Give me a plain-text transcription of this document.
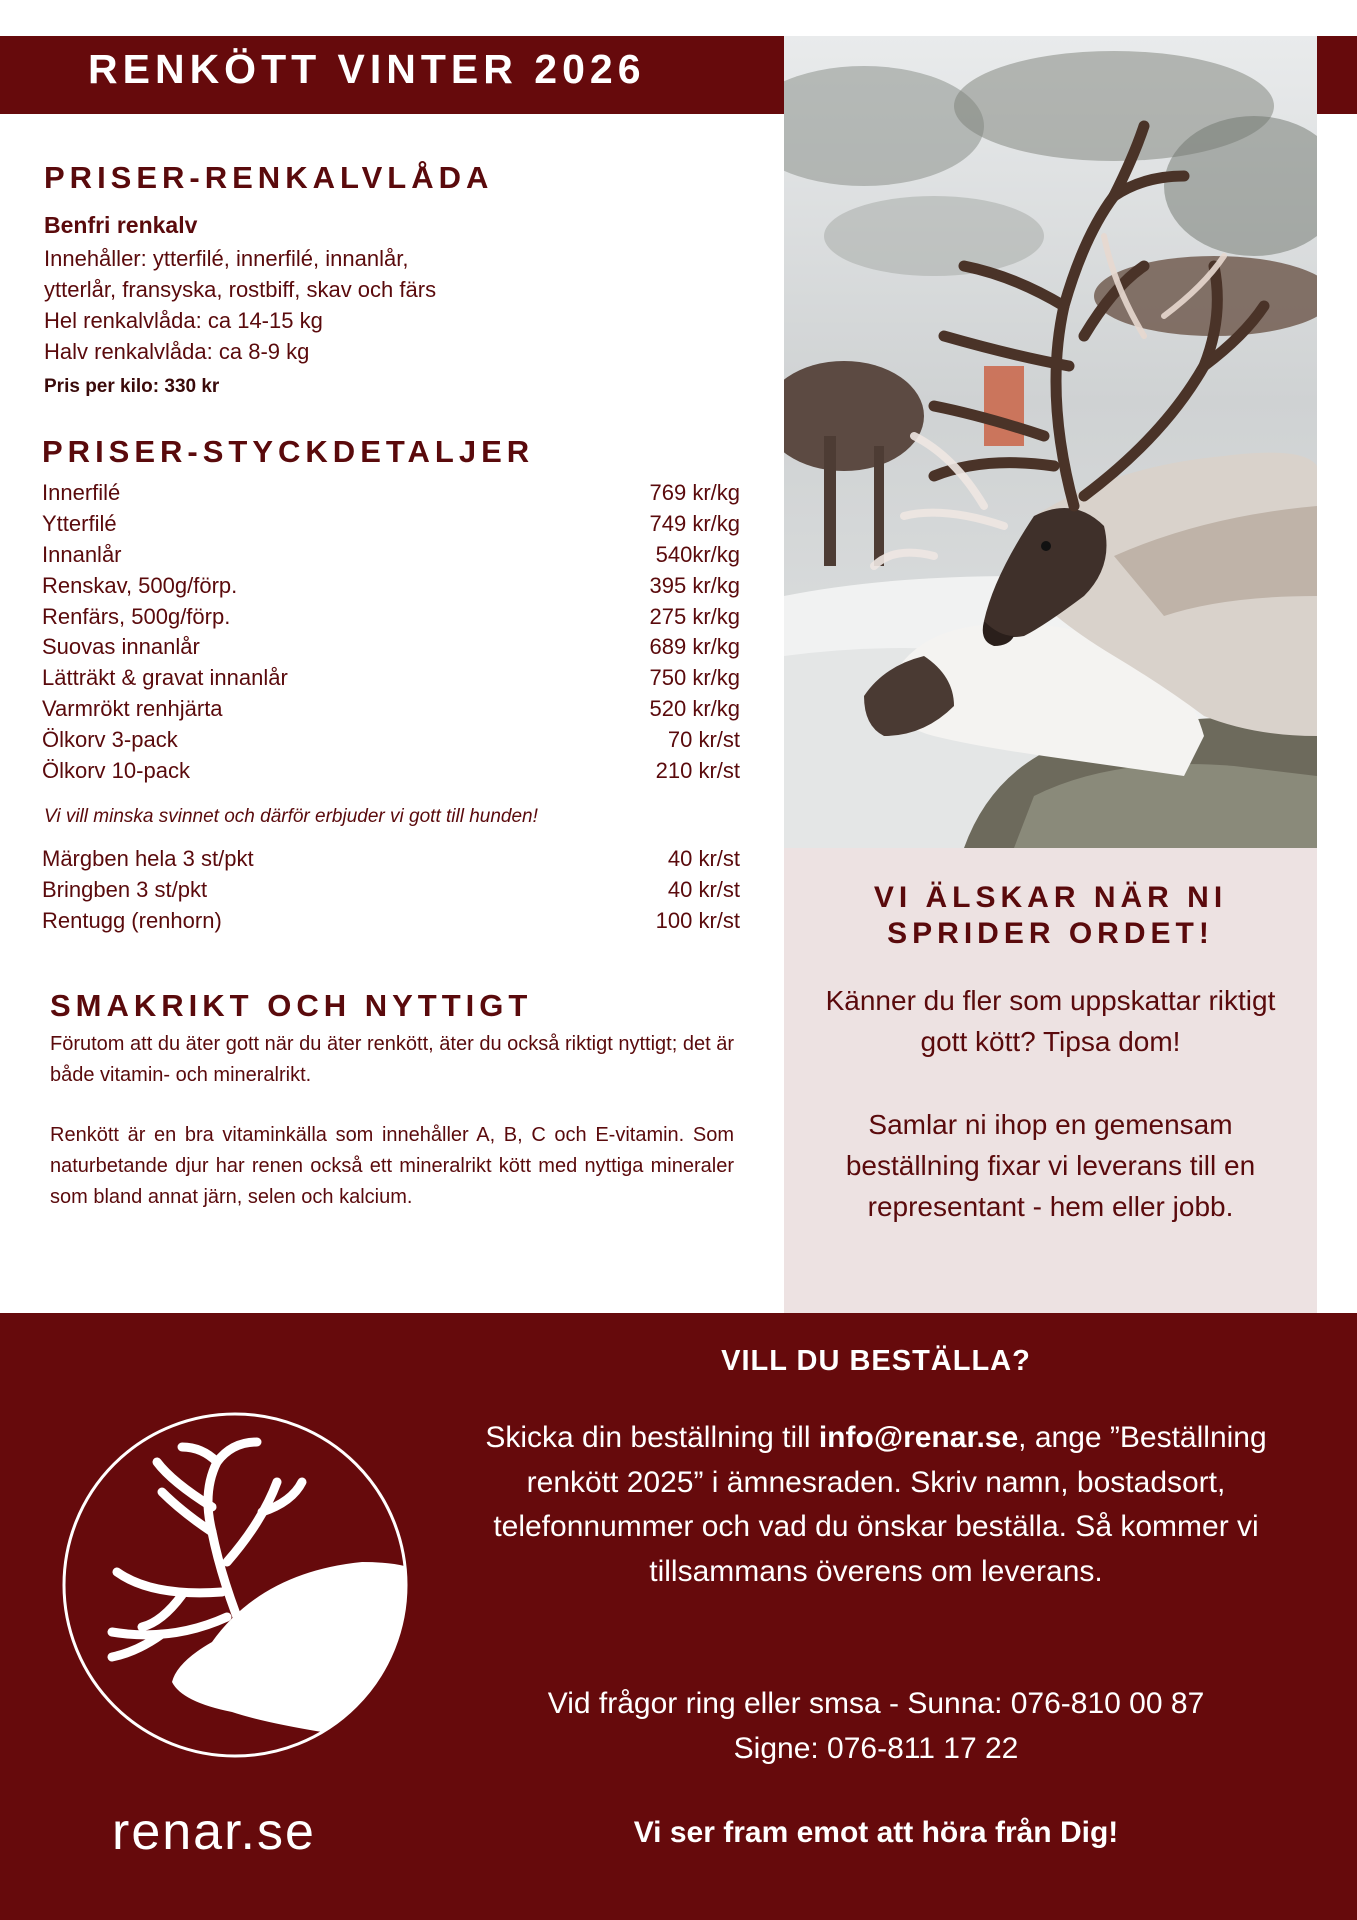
RENKÖTT VINTER 2026
PRISER-RENKALVLÅDA
Benfri renkalv
Innehåller: ytterfilé, innerfilé, innanlår,
ytterlår, fransyska, rostbiff, skav och färs
Hel renkalvlåda: ca 14-15 kg
Halv renkalvlåda: ca 8-9 kg
Pris per kilo: 330 kr
PRISER-STYCKDETALJER
Innerfilé	769 kr/kg
Ytterfilé	749 kr/kg
Innanlår	540kr/kg
Renskav, 500g/förp.	395 kr/kg
Renfärs, 500g/förp.	275 kr/kg
Suovas innanlår	689 kr/kg
Lätträkt & gravat innanlår	750 kr/kg
Varmrökt renhjärta	520 kr/kg
Ölkorv 3-pack	70 kr/st
Ölkorv 10-pack	210 kr/st
Vi vill minska svinnet och därför erbjuder vi gott till hunden!
Märgben hela 3 st/pkt	40 kr/st
Bringben 3 st/pkt	40 kr/st
Rentugg (renhorn)	100 kr/st
SMAKRIKT OCH NYTTIGT

Förutom att du äter gott när du äter renkött, äter du också riktigt nyttigt; det är både vitamin- och mineralrikt.

Renkött är en bra vitaminkälla som innehåller A, B, C och E-vitamin. Som naturbetande djur har renen också ett mineralrikt kött med nyttiga mineraler som bland annat järn, selen och kalcium.

VI ÄLSKAR NÄR NI
SPRIDER ORDET!

Känner du fler som uppskattar riktigt gott kött? Tipsa dom!

Samlar ni ihop en gemensam beställning fixar vi leverans till en representant - hem eller jobb.

renar.se
VILL DU BESTÄLLA?

Skicka din beställning till info@renar.se, ange ”Beställning renkött 2025” i ämnesraden. Skriv namn, bostadsort, telefonnummer och vad du önskar beställa. Så kommer vi tillsammans överens om leverans.

Vid frågor ring eller smsa - Sunna: 076-810 00 87
Signe: 076-811 17 22

Vi ser fram emot att höra från Dig!
